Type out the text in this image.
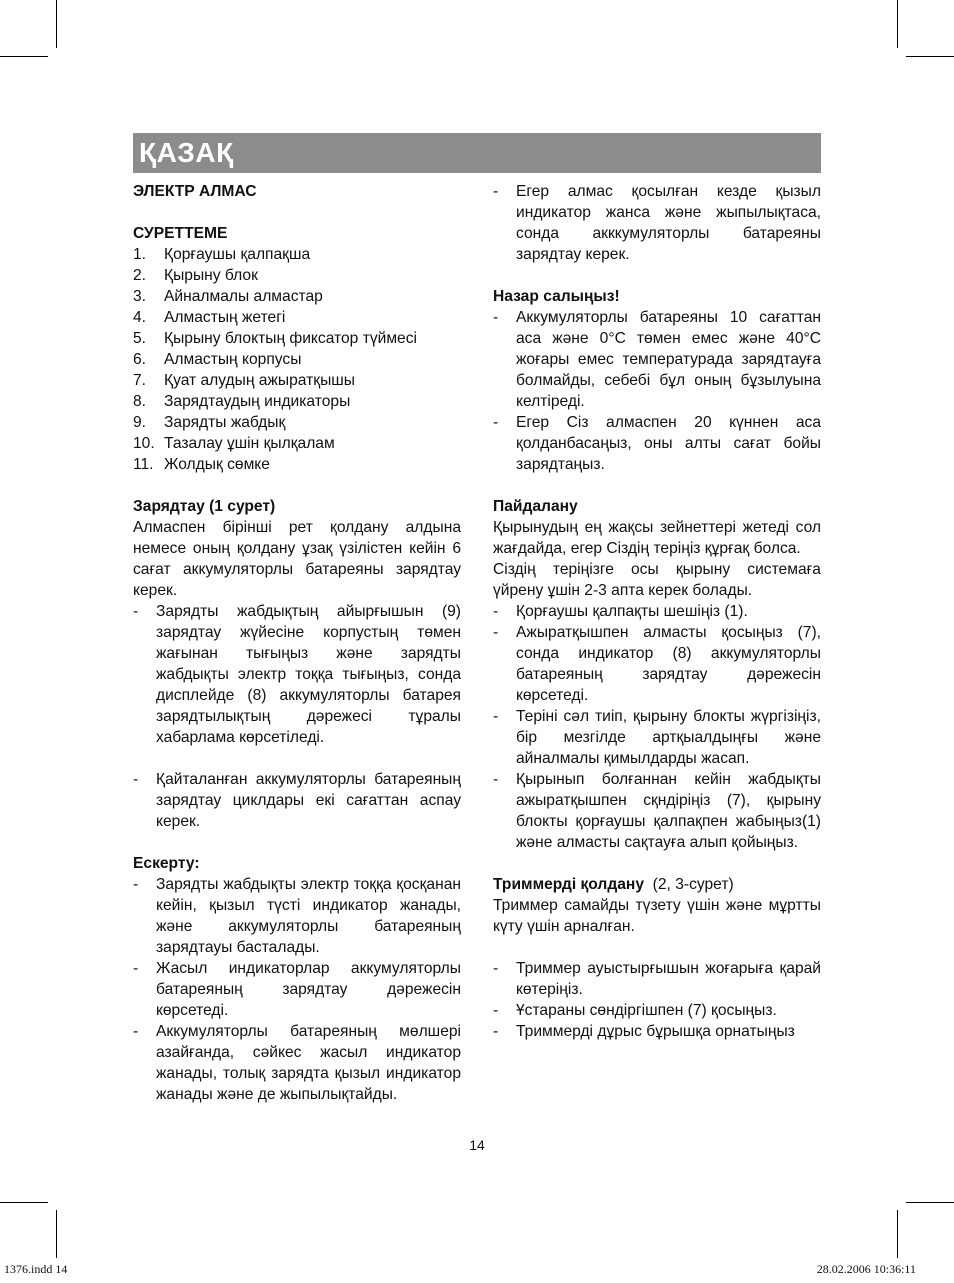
ҚАЗАҚ

ЭЛЕКТР АЛМАС

СУРЕТТЕМЕ

1. Қорғаушы қалпақша
2. Қырыну блок
3. Айналмалы алмастар
4. Алмастың жетегі
5. Қырыну блоктың фиксатор түймесі
6. Алмастың корпусы
7. Қуат алудың ажыратқышы
8. Зарядтаудың индикаторы
9. Зарядты жабдық
10. Тазалау ұшін қылқалам
11. Жолдық сөмке

Зарядтау (1 сурет)

Алмаспен бірінші рет қолдану алдына немесе оның қолдану ұзақ үзілістен кейін 6 сағат аккумуляторлы батареяны зарядтау керек.

- Зарядты жабдықтың айырғышын (9) зарядтау жүйесіне корпустың төмен жағынан тығыңыз және зарядты жабдықты электр тоққа тығыңыз, сонда дисплейде (8) аккумуляторлы батарея зарядтылықтың дәрежесі тұралы хабарлама көрсетіледі.
- Қайталанған аккумуляторлы батареяның зарядтау циклдары екі сағаттан аспау керек.

Ескерту:

- Зарядты жабдықты электр тоққа қосқанан кейін, қызыл түсті индикатор жанады, және аккумуляторлы батареяның зарядтауы басталады.
- Жасыл индикаторлар аккумуляторлы батареяның зарядтау дәрежесін көрсетеді.
- Аккумуляторлы батареяның мөлшері азайғанда, сәйкес жасыл индикатор жанады, толық зарядта қызыл индикатор жанады және де жыпылықтайды.
- Егер алмас қосылған кезде қызыл индикатор жанса және жыпылықтаса, сонда акккумуляторлы батареяны зарядтау керек.

Назар салыңыз!

- Аккумуляторлы батареяны 10 сағаттан аса және 0°С төмен емес және 40°С жоғары емес температурада зарядтауға болмайды, себебі бұл оның бұзылуына келтіреді.
- Егер Сіз алмаспен 20 күннен аса қолданбасаңыз, оны алты сағат бойы зарядтаңыз.

Пайдалану

Қырынудың ең жақсы зейнеттері жетеді сол жағдайда, егер Сіздің теріңіз құрғақ болса.

Сіздің теріңізге осы қырыну системаға үйрену ұшін 2-3 апта керек болады.

- Қорғаушы қалпақты шешіңіз (1).
- Ажыратқышпен алмасты қосыңыз (7), сонда индикатор (8) аккумуляторлы батареяның зарядтау дәрежесін көрсетеді.
- Теріні сәл тиіп, қырыну блокты жүргізіңіз, бір мезгілде артқыалдыңғы және айналмалы қимылдарды жасап.
- Қырынып болғаннан кейін жабдықты ажыратқышпен сқндіріңіз (7), қырыну блокты қорғаушы қалпақпен жабыңыз(1) және алмасты сақтауға алып қойыңыз.

Триммерді қолдану (2, 3-сурет)

Триммер самайды түзету үшін және мұртты күту үшін арналған.

- Триммер ауыстырғышын жоғарыға қарай көтеріңіз.
- Ұстараны сөндіргішпен (7) қосыңыз.
- Триммерді дұрыс бұрышқа орнатыңыз
14
1376.indd 14	28.02.2006 10:36:11
